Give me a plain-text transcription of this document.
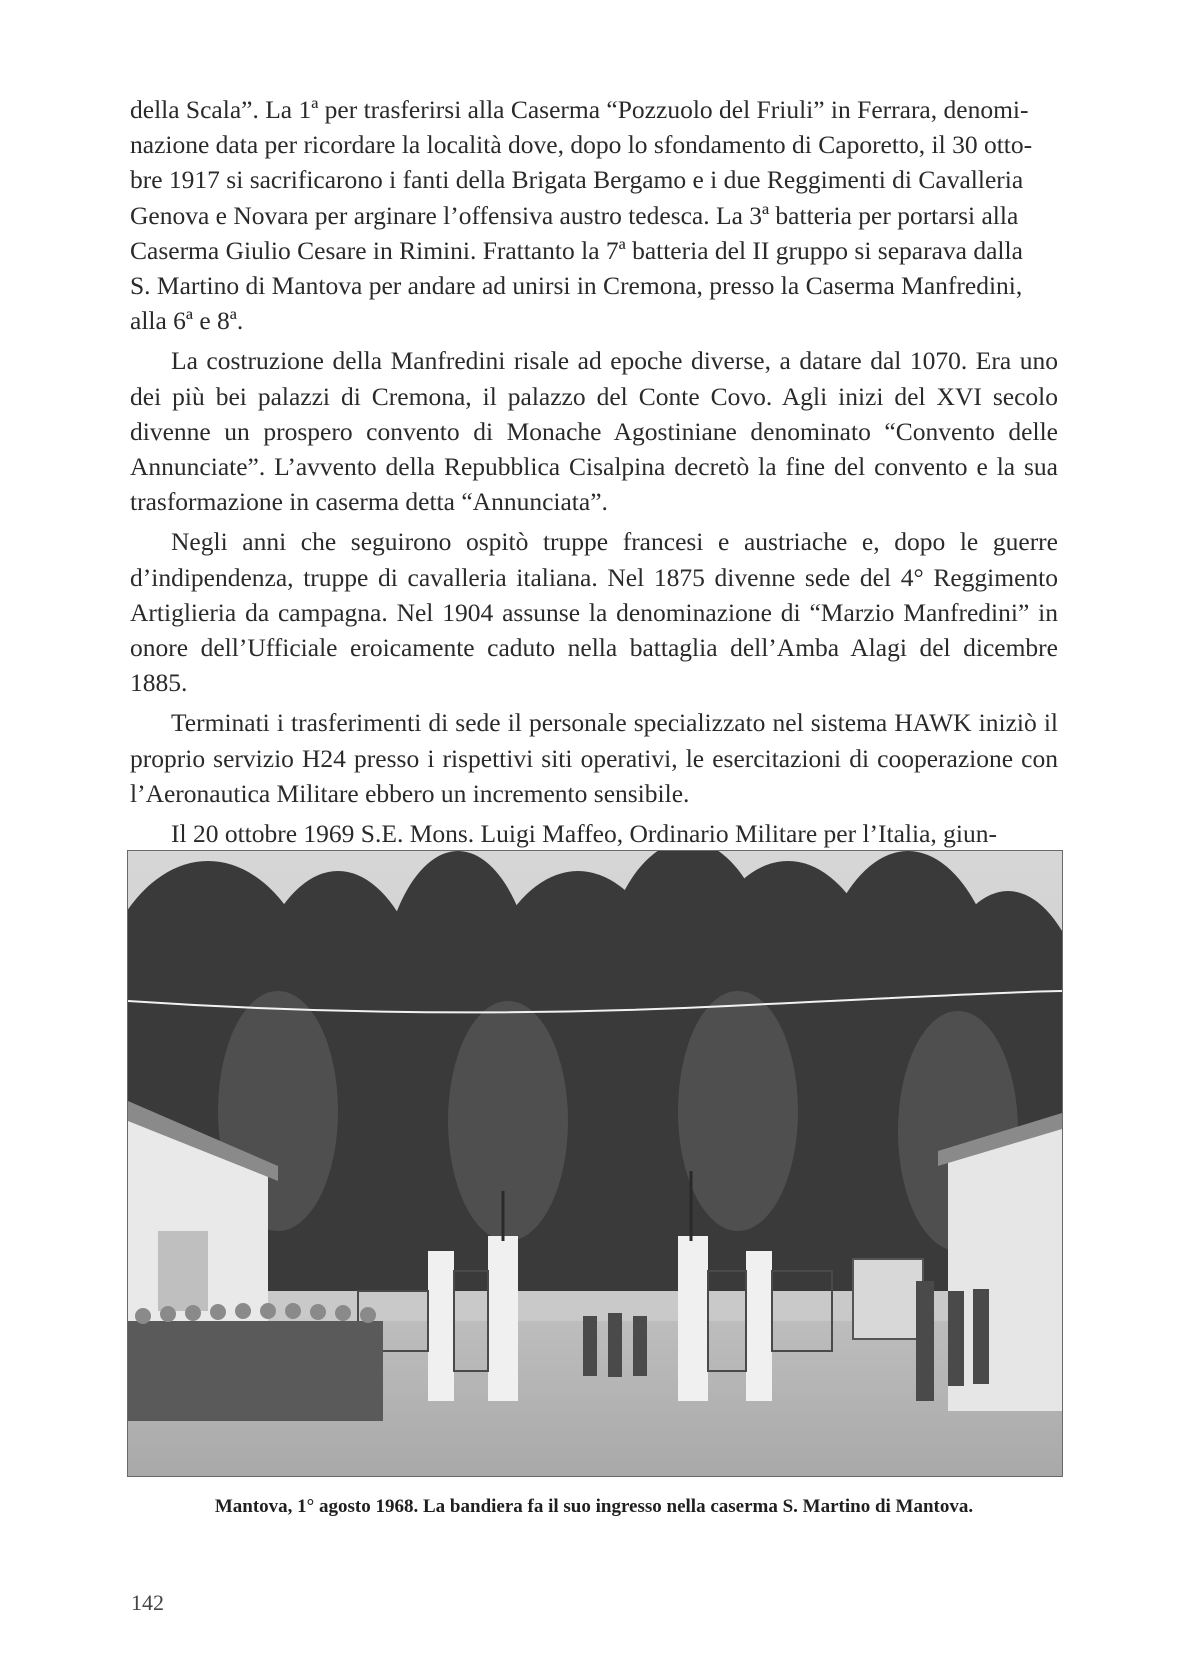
della Scala”. La 1ª per trasferirsi alla Caserma “Pozzuolo del Friuli” in Ferrara, denomi-
nazione data per ricordare la località dove, dopo lo sfondamento di Caporetto, il 30 otto-
bre 1917 si sacrificarono i fanti della Brigata Bergamo e i due Reggimenti di Cavalleria
Genova e Novara per arginare l’offensiva austro tedesca. La 3ª batteria per portarsi alla
Caserma Giulio Cesare in Rimini. Frattanto la 7ª batteria del II gruppo si separava dalla
S. Martino di Mantova per andare ad unirsi in Cremona, presso la Caserma Manfredini,
alla 6ª e 8ª.

La costruzione della Manfredini risale ad epoche diverse, a datare dal 1070. Era uno dei più bei palazzi di Cremona, il palazzo del Conte Covo. Agli inizi del XVI secolo divenne un prospero convento di Monache Agostiniane denominato “Convento delle Annunciate”. L’avvento della Repubblica Cisalpina decretò la fine del convento e la sua trasformazione in caserma detta “Annunciata”.

Negli anni che seguirono ospitò truppe francesi e austriache e, dopo le guerre d’indipendenza, truppe di cavalleria italiana. Nel 1875 divenne sede del 4° Reggimento Artiglieria da campagna. Nel 1904 assunse la denominazione di “Marzio Manfredini” in onore dell’Ufficiale eroicamente caduto nella battaglia dell’Amba Alagi del dicembre 1885.

Terminati i trasferimenti di sede il personale specializzato nel sistema HAWK iniziò il proprio servizio H24 presso i rispettivi siti operativi, le esercitazioni di cooperazione con l’Aeronautica Militare ebbero un incremento sensibile.

Il 20 ottobre 1969 S.E. Mons. Luigi Maffeo, Ordinario Militare per l’Italia, giun-

Mantova, 1° agosto 1968. La bandiera fa il suo ingresso nella caserma S. Martino di Mantova.
142
